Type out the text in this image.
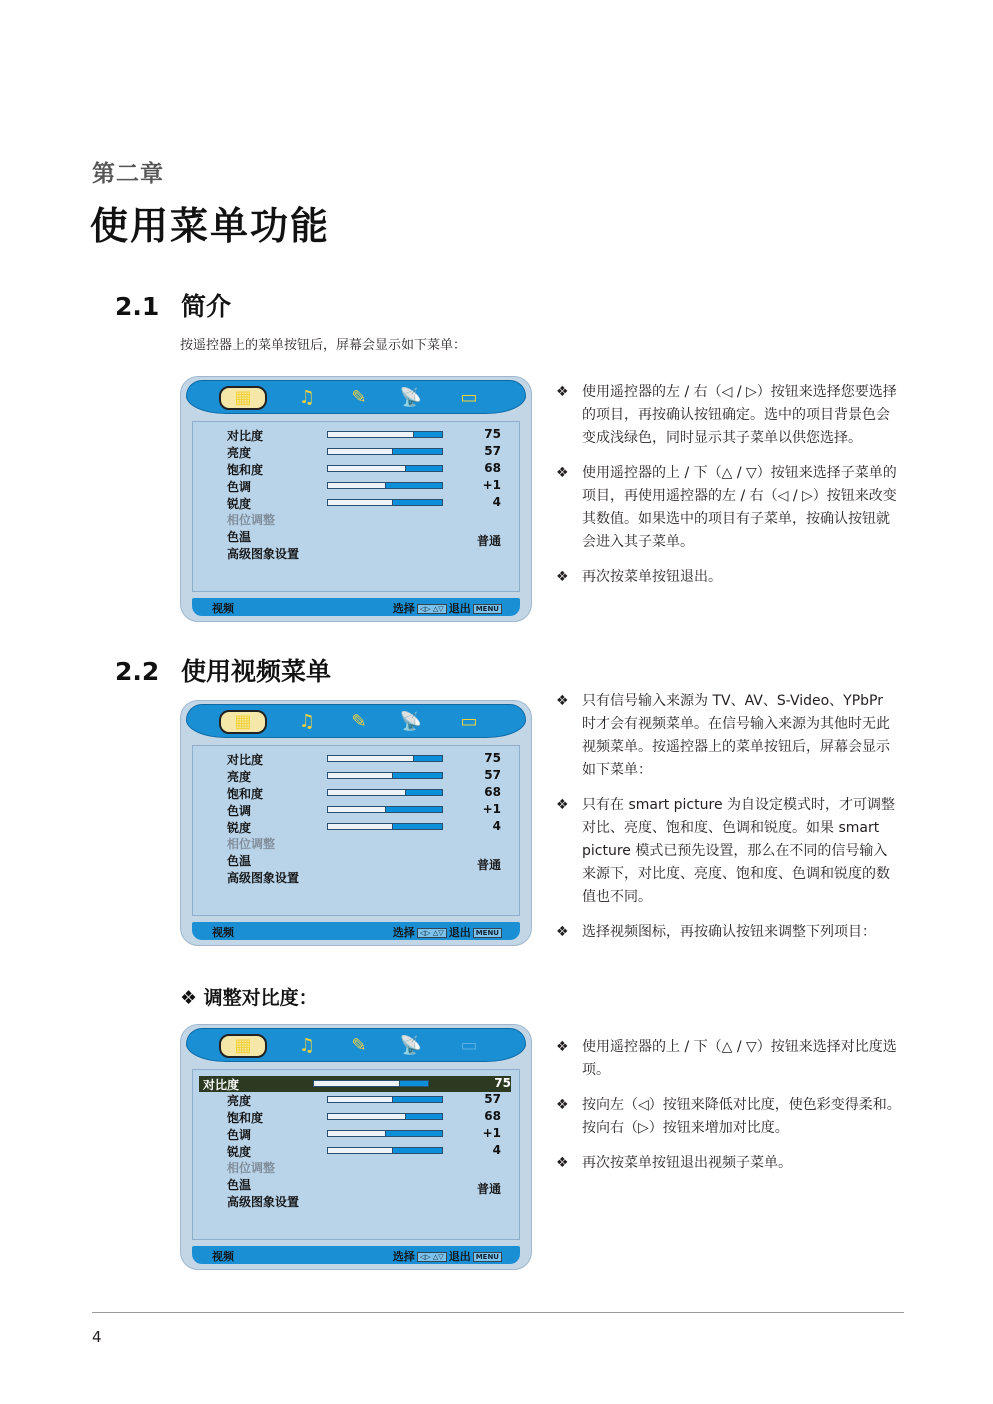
第二章
使用菜单功能
2.1 简介
按遥控器上的菜单按钮后，屏幕会显示如下菜单：
▦	♫	✎	📡	▭
对比度	75
亮度	57
饱和度	68
色调	+1
锐度	4
相位调整
色温	普通
高级图象设置
视频	选择 ◁▷ △▽ 退出 MENU
❖ 使用遥控器的左 / 右（◁ / ▷）按钮来选择您要选择的项目，再按确认按钮确定。选中的项目背景色会变成浅绿色，同时显示其子菜单以供您选择。
❖ 使用遥控器的上 / 下（△ / ▽）按钮来选择子菜单的项目，再使用遥控器的左 / 右（◁ / ▷）按钮来改变其数值。如果选中的项目有子菜单，按确认按钮就会进入其子菜单。
❖ 再次按菜单按钮退出。
2.2 使用视频菜单
▦	♫	✎	📡	▭
对比度	75
亮度	57
饱和度	68
色调	+1
锐度	4
相位调整
色温	普通
高级图象设置
视频	选择 ◁▷ △▽ 退出 MENU
❖ 只有信号输入来源为 TV、AV、S-Video、YPbPr 时才会有视频菜单。在信号输入来源为其他时无此视频菜单。按遥控器上的菜单按钮后，屏幕会显示如下菜单：
❖ 只有在 smart picture 为自设定模式时，才可调整对比、亮度、饱和度、色调和锐度。如果 smart picture 模式已预先设置，那么在不同的信号输入来源下，对比度、亮度、饱和度、色调和锐度的数值也不同。
❖ 选择视频图标，再按确认按钮来调整下列项目：
❖ 调整对比度：
▦	♫	✎	📡	▭
对比度	75
亮度	57
饱和度	68
色调	+1
锐度	4
相位调整
色温	普通
高级图象设置
视频	选择 ◁▷ △▽ 退出 MENU
❖ 使用遥控器的上 / 下（△ / ▽）按钮来选择对比度选项。
❖ 按向左（◁）按钮来降低对比度，使色彩变得柔和。按向右（▷）按钮来增加对比度。
❖ 再次按菜单按钮退出视频子菜单。
4
